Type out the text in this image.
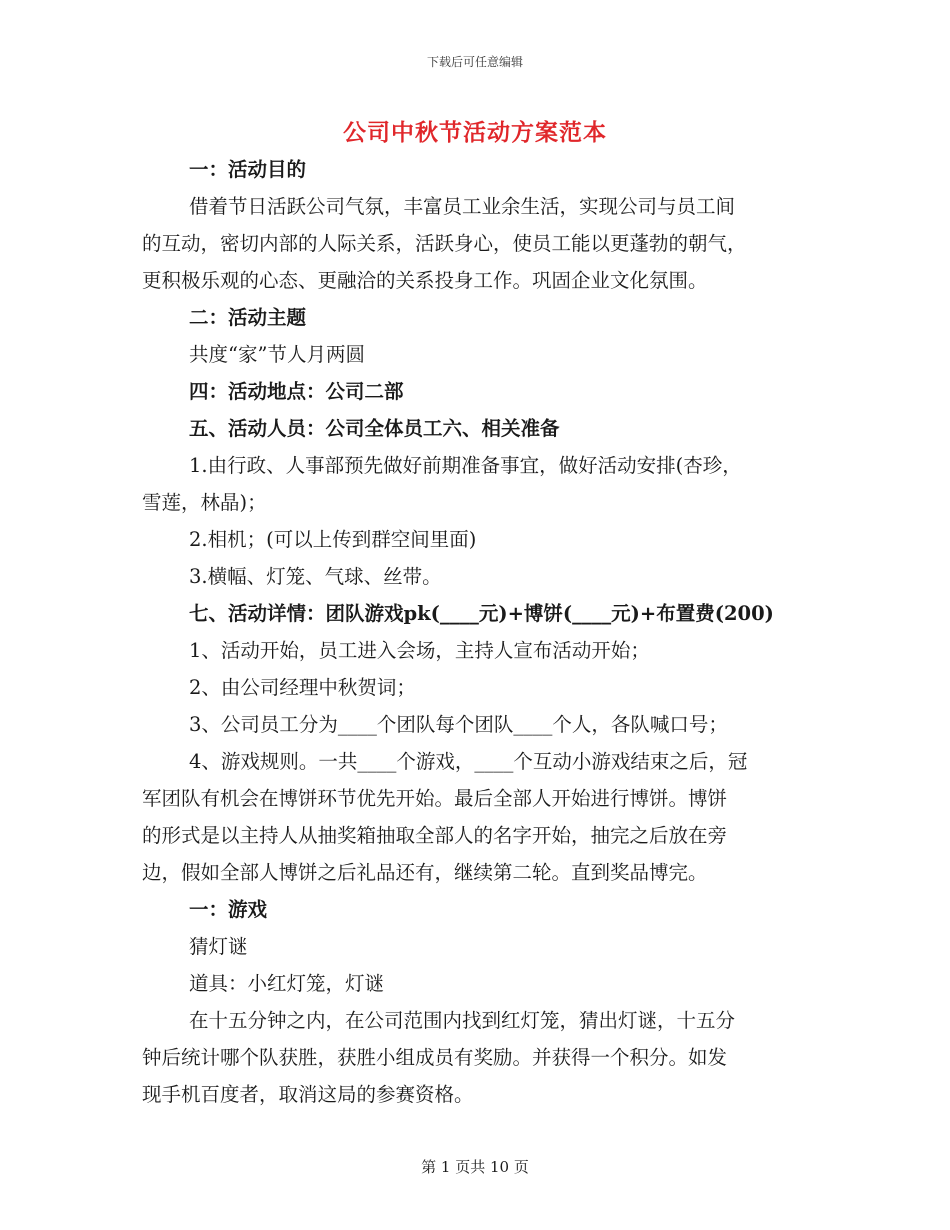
下载后可任意编辑
公司中秋节活动方案范本
一：活动目的
借着节日活跃公司气氛，丰富员工业余生活，实现公司与员工间
的互动，密切内部的人际关系，活跃身心，使员工能以更蓬勃的朝气，
更积极乐观的心态、更融洽的关系投身工作。巩固企业文化氛围。
二：活动主题
共度“家”节人月两圆
四：活动地点：公司二部
五、活动人员：公司全体员工六、相关准备
1.由行政、人事部预先做好前期准备事宜，做好活动安排(杏珍，
雪莲，林晶)；
2.相机；(可以上传到群空间里面)
3.横幅、灯笼、气球、丝带。
七、活动详情：团队游戏pk(____元)+博饼(____元)+布置费(200)
1、活动开始，员工进入会场，主持人宣布活动开始；
2、由公司经理中秋贺词；
3、公司员工分为____个团队每个团队____个人，各队喊口号；
4、游戏规则。一共____个游戏，____个互动小游戏结束之后，冠
军团队有机会在博饼环节优先开始。最后全部人开始进行博饼。博饼
的形式是以主持人从抽奖箱抽取全部人的名字开始，抽完之后放在旁
边，假如全部人博饼之后礼品还有，继续第二轮。直到奖品博完。
一：游戏
猜灯谜
道具：小红灯笼，灯谜
在十五分钟之内，在公司范围内找到红灯笼，猜出灯谜，十五分
钟后统计哪个队获胜，获胜小组成员有奖励。并获得一个积分。如发
现手机百度者，取消这局的参赛资格。
第 1 页共 10 页
